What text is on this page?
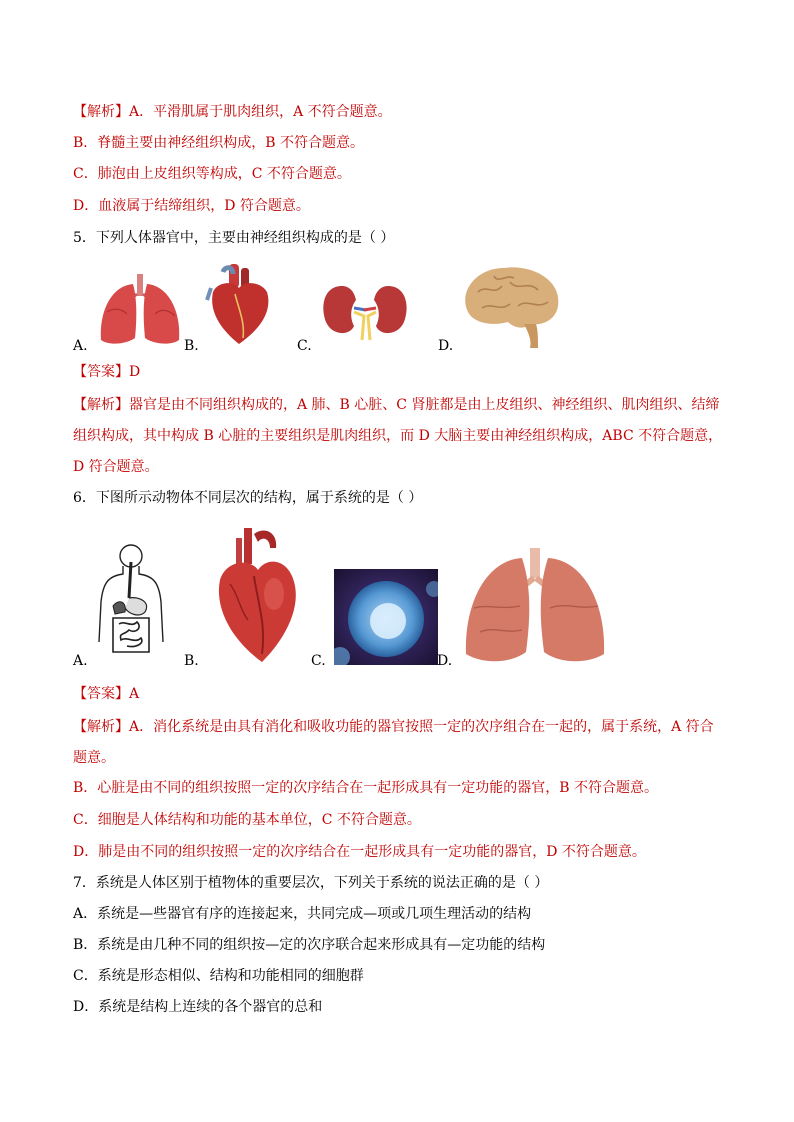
【解析】A．平滑肌属于肌肉组织，A 不符合题意。
B．脊髓主要由神经组织构成，B 不符合题意。
C．肺泡由上皮组织等构成，C 不符合题意。
D．血液属于结缔组织，D 符合题意。
5．下列人体器官中，主要由神经组织构成的是（ ）
A.	B.	C.	D.
【答案】D
【解析】器官是由不同组织构成的，A 肺、B 心脏、C 肾脏都是由上皮组织、神经组织、肌肉组织、结缔组织构成，其中构成 B 心脏的主要组织是肌肉组织，而 D 大脑主要由神经组织构成，ABC 不符合题意，D 符合题意。
6．下图所示动物体不同层次的结构，属于系统的是（ ）
A.	B.	C.	D.
【答案】A
【解析】A．消化系统是由具有消化和吸收功能的器官按照一定的次序组合在一起的，属于系统，A 符合题意。
B．心脏是由不同的组织按照一定的次序结合在一起形成具有一定功能的器官，B 不符合题意。
C．细胞是人体结构和功能的基本单位，C 不符合题意。
D．肺是由不同的组织按照一定的次序结合在一起形成具有一定功能的器官，D 不符合题意。
7．系统是人体区别于植物体的重要层次，下列关于系统的说法正确的是（ ）
A．系统是—些器官有序的连接起来，共同完成—项或几项生理活动的结构
B．系统是由几种不同的组织按—定的次序联合起来形成具有—定功能的结构
C．系统是形态相似、结构和功能相同的细胞群
D．系统是结构上连续的各个器官的总和
